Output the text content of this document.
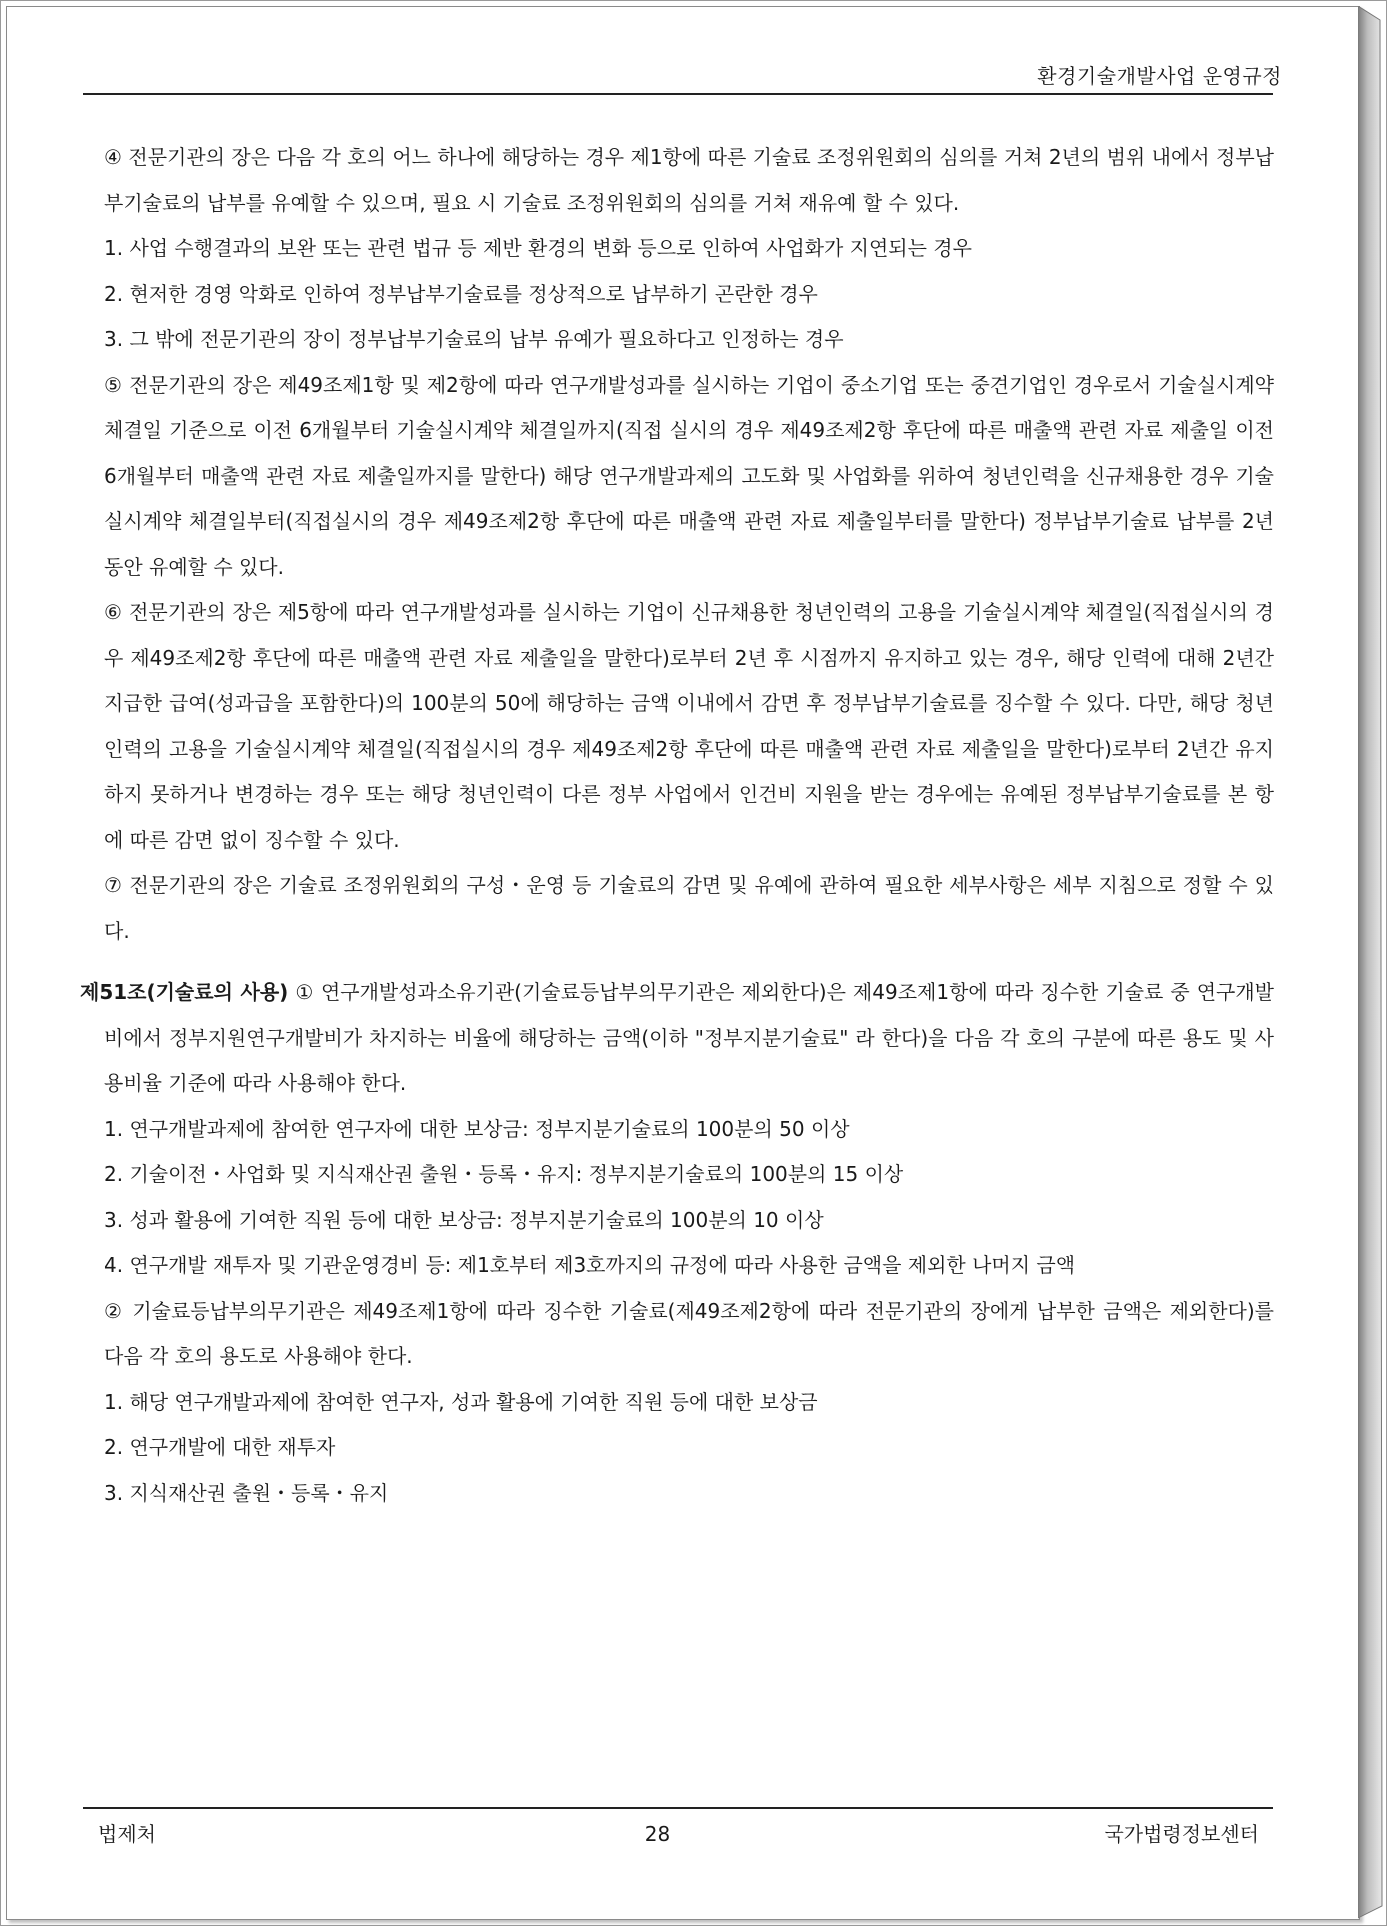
환경기술개발사업 운영규정

④ 전문기관의 장은 다음 각 호의 어느 하나에 해당하는 경우 제1항에 따른 기술료 조정위원회의 심의를 거쳐 2년의 범위 내에서 정부납부기술료의 납부를 유예할 수 있으며, 필요 시 기술료 조정위원회의 심의를 거쳐 재유예 할 수 있다.

1. 사업 수행결과의 보완 또는 관련 법규 등 제반 환경의 변화 등으로 인하여 사업화가 지연되는 경우

2. 현저한 경영 악화로 인하여 정부납부기술료를 정상적으로 납부하기 곤란한 경우

3. 그 밖에 전문기관의 장이 정부납부기술료의 납부 유예가 필요하다고 인정하는 경우

⑤ 전문기관의 장은 제49조제1항 및 제2항에 따라 연구개발성과를 실시하는 기업이 중소기업 또는 중견기업인 경우로서 기술실시계약 체결일 기준으로 이전 6개월부터 기술실시계약 체결일까지(직접 실시의 경우 제49조제2항 후단에 따른 매출액 관련 자료 제출일 이전 6개월부터 매출액 관련 자료 제출일까지를 말한다) 해당 연구개발과제의 고도화 및 사업화를 위하여 청년인력을 신규채용한 경우 기술실시계약 체결일부터(직접실시의 경우 제49조제2항 후단에 따른 매출액 관련 자료 제출일부터를 말한다) 정부납부기술료 납부를 2년 동안 유예할 수 있다.

⑥ 전문기관의 장은 제5항에 따라 연구개발성과를 실시하는 기업이 신규채용한 청년인력의 고용을 기술실시계약 체결일(직접실시의 경우 제49조제2항 후단에 따른 매출액 관련 자료 제출일을 말한다)로부터 2년 후 시점까지 유지하고 있는 경우, 해당 인력에 대해 2년간 지급한 급여(성과급을 포함한다)의 100분의 50에 해당하는 금액 이내에서 감면 후 정부납부기술료를 징수할 수 있다. 다만, 해당 청년인력의 고용을 기술실시계약 체결일(직접실시의 경우 제49조제2항 후단에 따른 매출액 관련 자료 제출일을 말한다)로부터 2년간 유지하지 못하거나 변경하는 경우 또는 해당 청년인력이 다른 정부 사업에서 인건비 지원을 받는 경우에는 유예된 정부납부기술료를 본 항에 따른 감면 없이 징수할 수 있다.

⑦ 전문기관의 장은 기술료 조정위원회의 구성・운영 등 기술료의 감면 및 유예에 관하여 필요한 세부사항은 세부 지침으로 정할 수 있다.

제51조(기술료의 사용) ① 연구개발성과소유기관(기술료등납부의무기관은 제외한다)은 제49조제1항에 따라 징수한 기술료 중 연구개발비에서 정부지원연구개발비가 차지하는 비율에 해당하는 금액(이하 "정부지분기술료" 라 한다)을 다음 각 호의 구분에 따른 용도 및 사용비율 기준에 따라 사용해야 한다.

1. 연구개발과제에 참여한 연구자에 대한 보상금: 정부지분기술료의 100분의 50 이상

2. 기술이전・사업화 및 지식재산권 출원・등록・유지: 정부지분기술료의 100분의 15 이상

3. 성과 활용에 기여한 직원 등에 대한 보상금: 정부지분기술료의 100분의 10 이상

4. 연구개발 재투자 및 기관운영경비 등: 제1호부터 제3호까지의 규정에 따라 사용한 금액을 제외한 나머지 금액

② 기술료등납부의무기관은 제49조제1항에 따라 징수한 기술료(제49조제2항에 따라 전문기관의 장에게 납부한 금액은 제외한다)를 다음 각 호의 용도로 사용해야 한다.

1. 해당 연구개발과제에 참여한 연구자, 성과 활용에 기여한 직원 등에 대한 보상금

2. 연구개발에 대한 재투자

3. 지식재산권 출원・등록・유지

법제처	28	국가법령정보센터
